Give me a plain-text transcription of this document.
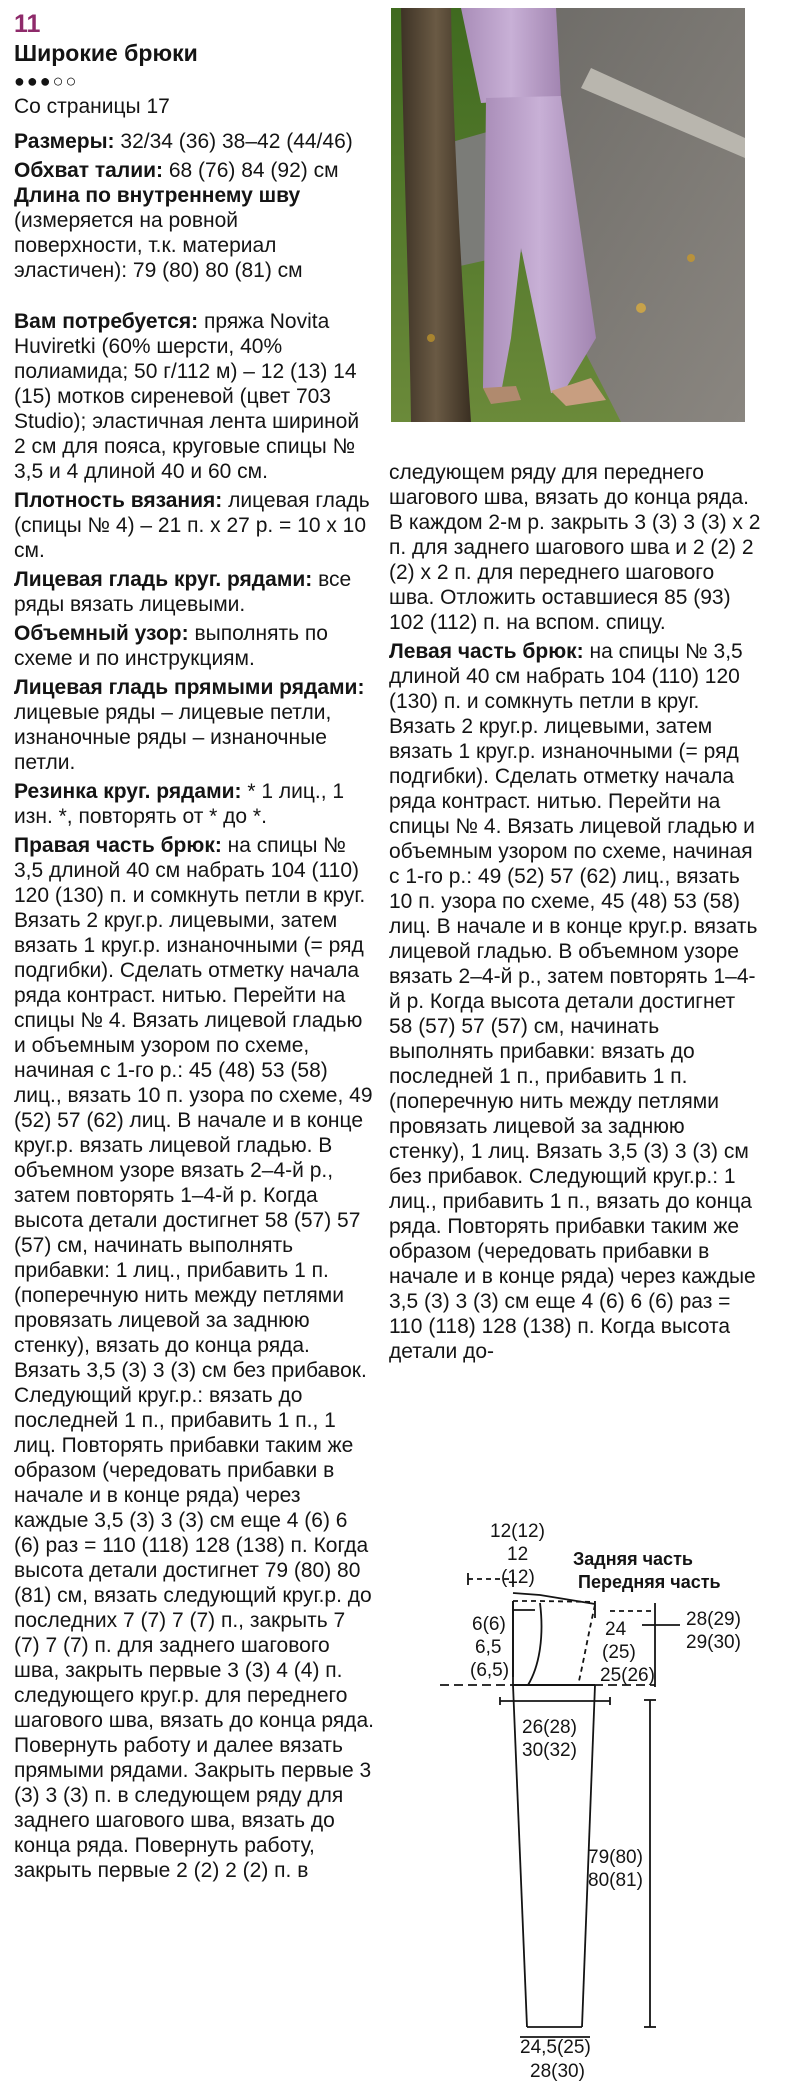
11
Широкие брюки
●●●○○

Со страницы 17

Размеры: 32/34 (36) 38–42 (44/46)

Обхват талии: 68 (76) 84 (92) см

Длина по внутреннему шву

(измеряется на ровной поверхности, т.к. материал эластичен): 79 (80) 80 (81) см

Вам потребуется: пряжа Novita Huviretki (60% шерсти, 40% полиамида; 50 г/112 м) – 12 (13) 14 (15) мотков сиреневой (цвет 703 Studio); эластичная лента шириной 2 см для пояса, круговые спицы № 3,5 и 4 длиной 40 и 60 см.

Плотность вязания: лицевая гладь (спицы № 4) – 21 п. х 27 р. = 10 х 10 см.

Лицевая гладь круг. рядами: все ряды вязать лицевыми.

Объемный узор: выполнять по схеме и по инструкциям.

Лицевая гладь прямыми рядами: лицевые ряды – лицевые петли, изнаночные ряды – изнаночные петли.

Резинка круг. рядами: * 1 лиц., 1 изн. *, повторять от * до *.

Правая часть брюк: на спицы № 3,5 длиной 40 см набрать 104 (110) 120 (130) п. и сомкнуть петли в круг. Вязать 2 круг.р. лицевыми, затем вязать 1 круг.р. изнаночными (= ряд подгибки). Сделать отметку начала ряда контраст. нитью. Перейти на спицы № 4. Вязать лицевой гладью и объемным узором по схеме, начиная с 1-го р.: 45 (48) 53 (58) лиц., вязать 10 п. узора по схеме, 49 (52) 57 (62) лиц. В начале и в конце круг.р. вязать лицевой гладью. В объемном узоре вязать 2–4-й р., затем повторять 1–4-й р. Когда высота детали достигнет 58 (57) 57 (57) см, начинать выполнять прибавки: 1 лиц., прибавить 1 п. (поперечную нить между петлями провязать лицевой за заднюю стенку), вязать до конца ряда. Вязать 3,5 (3) 3 (3) см без прибавок. Следующий круг.р.: вязать до последней 1 п., прибавить 1 п., 1 лиц. Повторять прибавки таким же образом (чередовать прибавки в начале и в конце ряда) через каждые 3,5 (3) 3 (3) см еще 4 (6) 6 (6) раз = 110 (118) 128 (138) п. Когда высота детали достигнет 79 (80) 80 (81) см, вязать следующий круг.р. до последних 7 (7) 7 (7) п., закрыть 7 (7) 7 (7) п. для заднего шагового шва, закрыть первые 3 (3) 4 (4) п. следующего круг.р. для переднего шагового шва, вязать до конца ряда. Повернуть работу и далее вязать прямыми рядами. Закрыть первые 3 (3) 3 (3) п. в следующем ряду для заднего шагового шва, вязать до конца ряда. Повернуть работу, закрыть первые 2 (2) 2 (2) п. в

следующем ряду для переднего шагового шва, вязать до конца ряда. В каждом 2-м р. закрыть 3 (3) 3 (3) х 2 п. для заднего шагового шва и 2 (2) 2 (2) х 2 п. для переднего шагового шва. Отложить оставшиеся 85 (93) 102 (112) п. на вспом. спицу.

Левая часть брюк: на спицы № 3,5 длиной 40 см набрать 104 (110) 120 (130) п. и сомкнуть петли в круг. Вязать 2 круг.р. лицевыми, затем вязать 1 круг.р. изнаночными (= ряд подгибки). Сделать отметку начала ряда контраст. нитью. Перейти на спицы № 4. Вязать лицевой гладью и объемным узором по схеме, начиная с 1-го р.: 49 (52) 57 (62) лиц., вязать 10 п. узора по схеме, 45 (48) 53 (58) лиц. В начале и в конце круг.р. вязать лицевой гладью. В объемном узоре вязать 2–4-й р., затем повторять 1–4-й р. Когда высота детали достигнет 58 (57) 57 (57) см, начинать выполнять прибавки: вязать до последней 1 п., прибавить 1 п. (поперечную нить между петлями провязать лицевой за заднюю стенку), 1 лиц. Вязать 3,5 (3) 3 (3) см без прибавок. Следующий круг.р.: 1 лиц., прибавить 1 п., вязать до конца ряда. Повторять прибавки таким же образом (чередовать прибавки в начале и в конце ряда) через каждые 3,5 (3) 3 (3) см еще 4 (6) 6 (6) раз = 110 (118) 128 (138) п. Когда высота детали до-

12(12)
12
(12)
Задняя часть
Передняя часть
6(6)
6,5
(6,5)
24
(25)
25(26)
28(29)
29(30)
26(28)
30(32)
79(80)
80(81)
24,5(25)
28(30)
